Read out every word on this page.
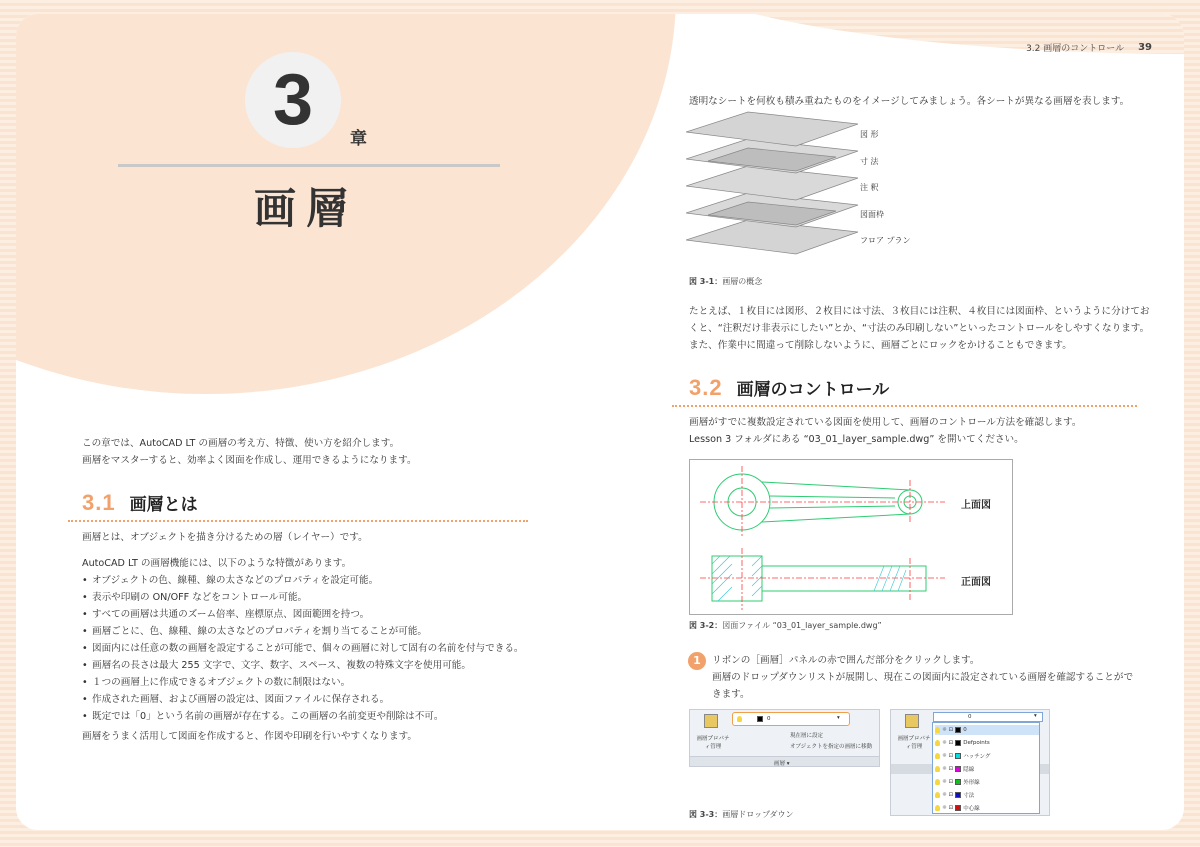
3.2 画層のコントロール 39
3 章
画層
この章では、AutoCAD LT の画層の考え方、特徴、使い方を紹介します。
画層をマスターすると、効率よく図面を作成し、運用できるようになります。
3.1 画層とは
画層とは、オブジェクトを描き分けるための層（レイヤー）です。
AutoCAD LT の画層機能には、以下のような特徴があります。
• オブジェクトの色、線種、線の太さなどのプロパティを設定可能。
• 表示や印刷の ON/OFF などをコントロール可能。
• すべての画層は共通のズーム倍率、座標原点、図面範囲を持つ。
• 画層ごとに、色、線種、線の太さなどのプロパティを割り当てることが可能。
• 図面内には任意の数の画層を設定することが可能で、個々の画層に対して固有の名前を付与できる。
• 画層名の長さは最大 255 文字で、文字、数字、スペース、複数の特殊文字を使用可能。
• １つの画層上に作成できるオブジェクトの数に制限はない。
• 作成された画層、および画層の設定は、図面ファイルに保存される。
• 既定では「0」という名前の画層が存在する。この画層の名前変更や削除は不可。
画層をうまく活用して図面を作成すると、作図や印刷を行いやすくなります。
透明なシートを何枚も積み重ねたものをイメージしてみましょう。各シートが異なる画層を表します。
図 形
寸 法
注 釈
図面枠
フロア プラン
図 3-1：画層の概念
たとえば、１枚目には図形、２枚目には寸法、３枚目には注釈、４枚目には図面枠、というように分けてお
くと、“注釈だけ非表示にしたい”とか、“寸法のみ印刷しない”といったコントロールをしやすくなります。
また、作業中に間違って削除しないように、画層ごとにロックをかけることもできます。
3.2 画層のコントロール
画層がすでに複数設定されている図面を使用して、画層のコントロール方法を確認します。
Lesson 3 フォルダにある “03_01_layer_sample.dwg” を開いてください。
上面図
正面図
図 3-2：図面ファイル “03_01_layer_sample.dwg”
1	リボンの［画層］パネルの赤で囲んだ部分をクリックします。
画層のドロップダウンリストが展開し、現在この図面内に設定されている画層を確認することがで
きます。
画層プロパティ管理
0	▾
現在層に設定
オブジェクトを指定の画層に移動
画層 ▾
画層プロパティ管理
0	▾
☼ ⊡ 0
☼ ⊡ Defpoints
☼ ⊡ ハッチング
☼ ⊡ 隠線
☼ ⊡ 外形線
☼ ⊡ 寸法
☼ ⊡ 中心線
図 3-3：画層ドロップダウン
